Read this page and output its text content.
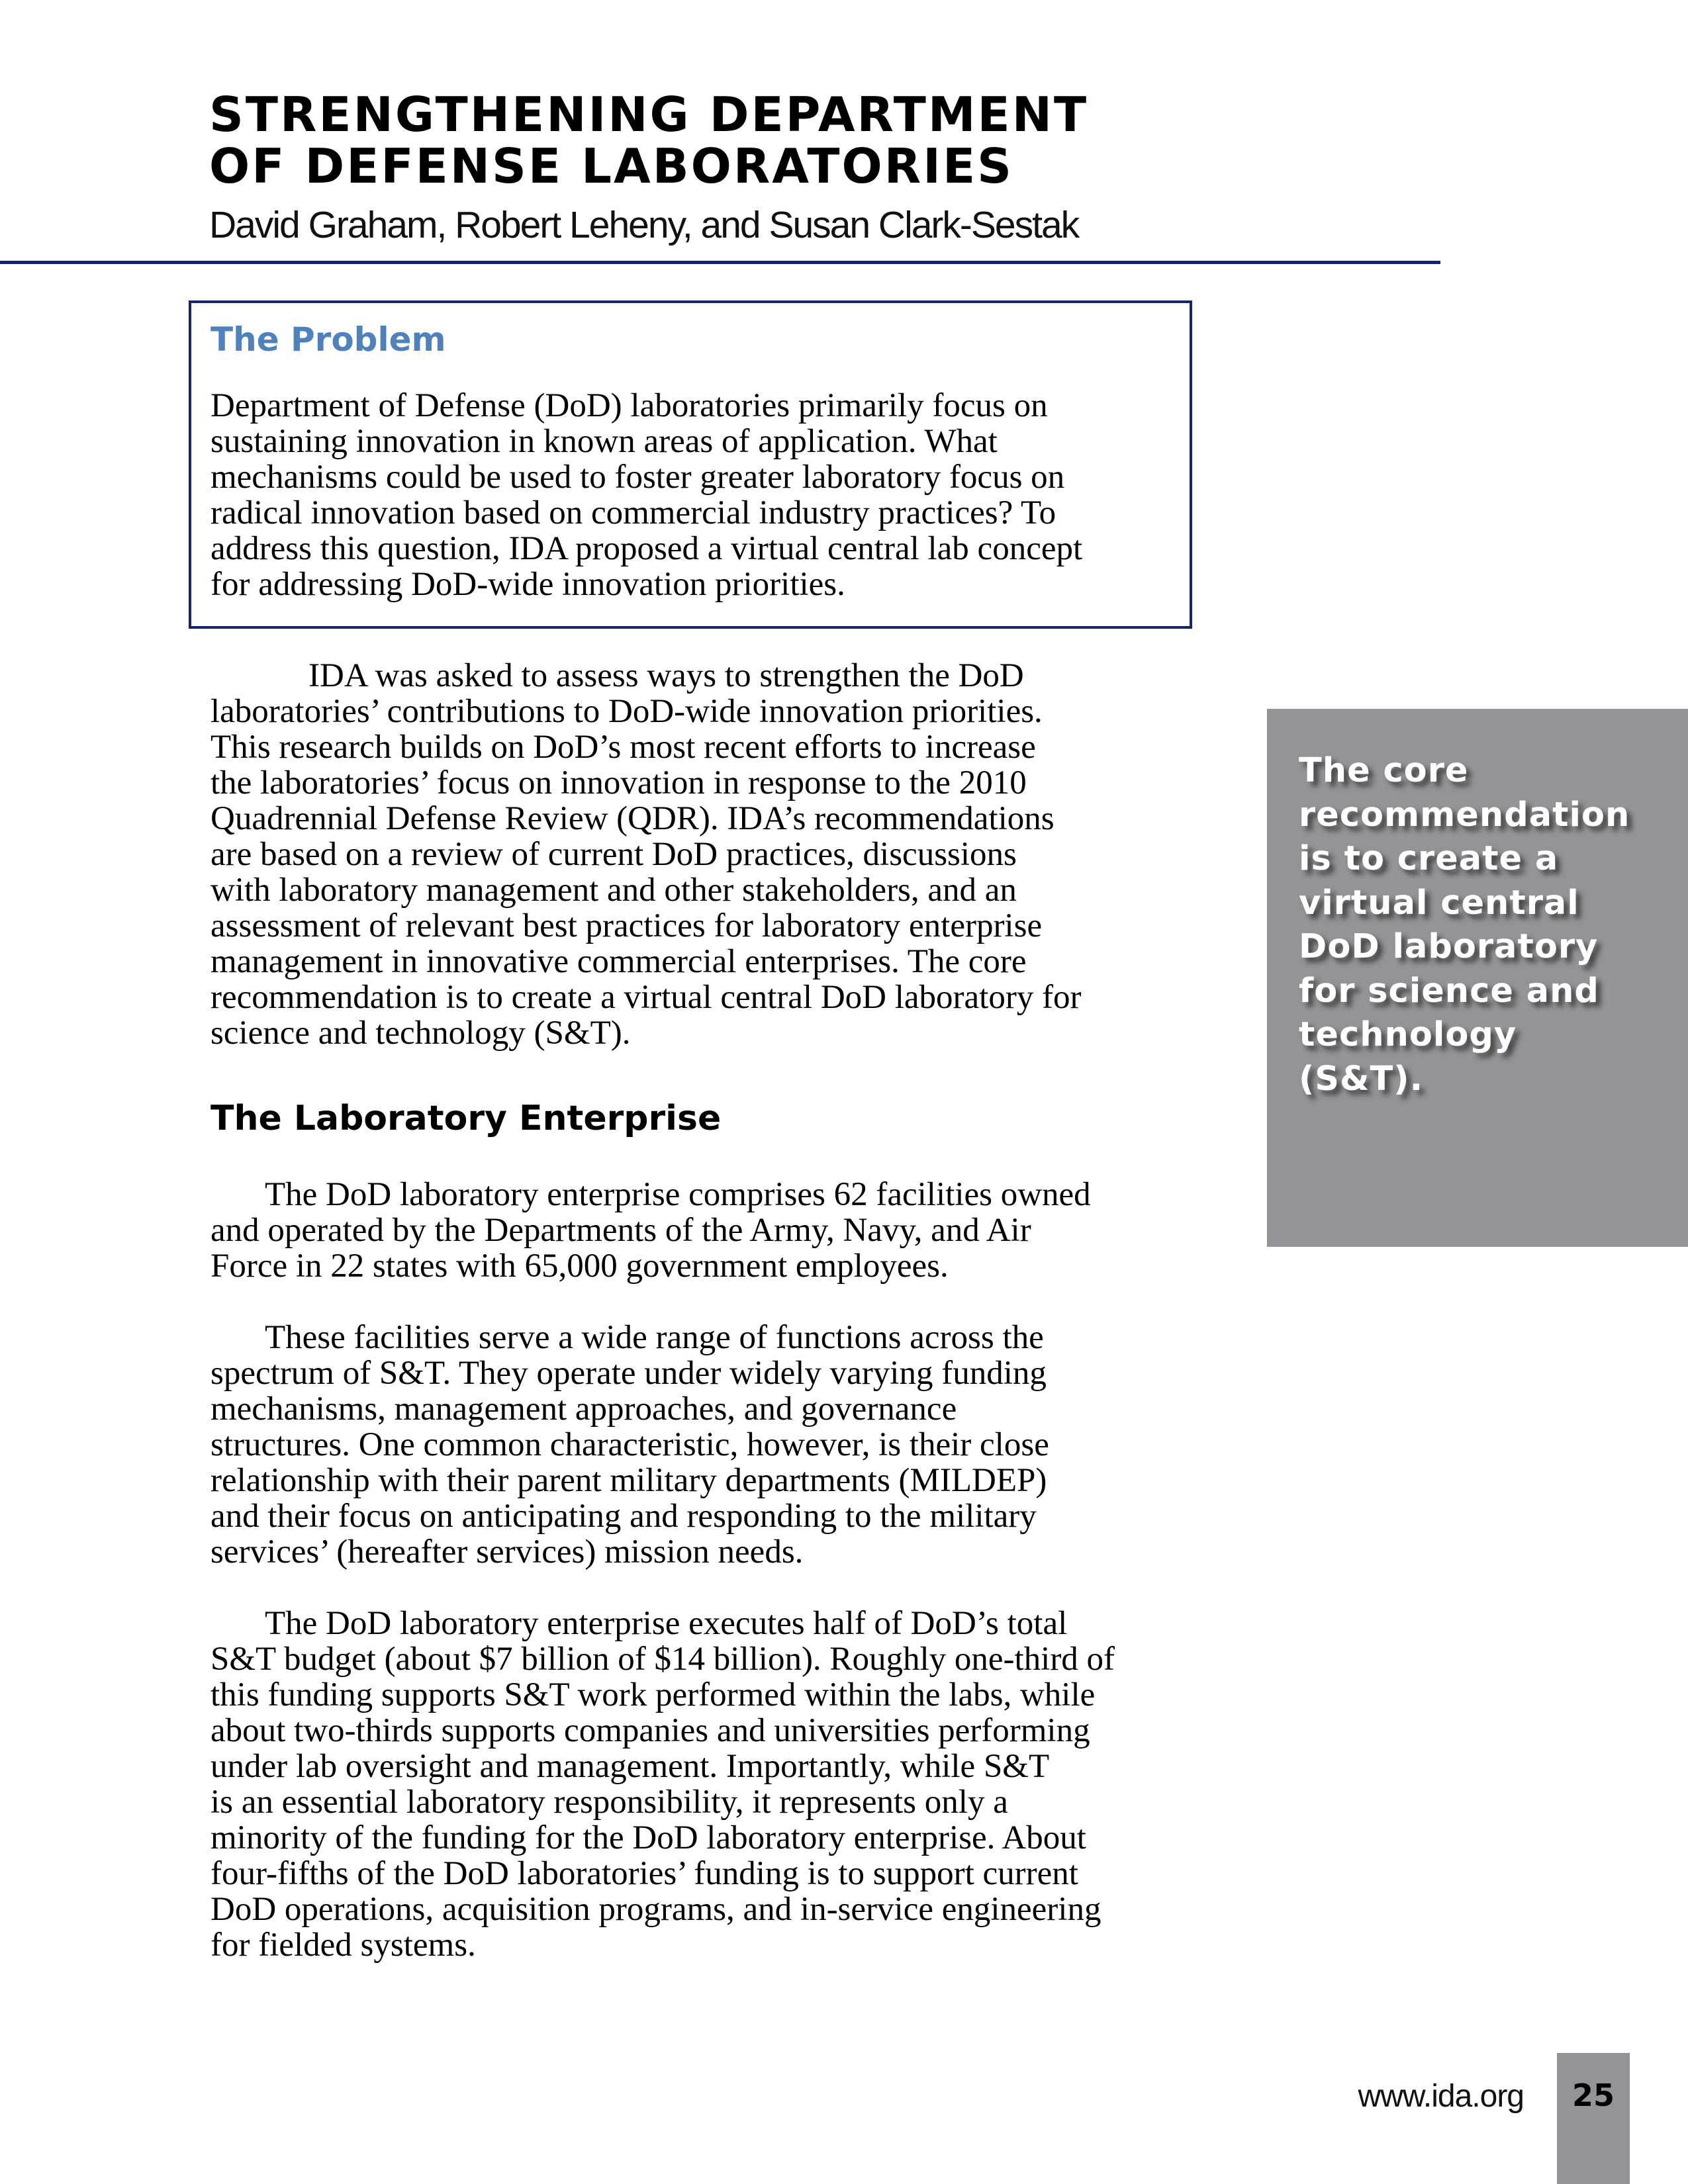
STRENGTHENING DEPARTMENT
OF DEFENSE LABORATORIES
David Graham, Robert Leheny, and Susan Clark-Sestak
The Problem

Department of Defense (DoD) laboratories primarily focus on
sustaining innovation in known areas of application. What
mechanisms could be used to foster greater laboratory focus on
radical innovation based on commercial industry practices? To
address this question, IDA proposed a virtual central lab concept
for addressing DoD-wide innovation priorities.

IDA was asked to assess ways to strengthen the DoD
laboratories’ contributions to DoD-wide innovation priorities.
This research builds on DoD’s most recent efforts to increase
the laboratories’ focus on innovation in response to the 2010
Quadrennial Defense Review (QDR). IDA’s recommendations
are based on a review of current DoD practices, discussions
with laboratory management and other stakeholders, and an
assessment of relevant best practices for laboratory enterprise
management in innovative commercial enterprises. The core
recommendation is to create a virtual central DoD laboratory for
science and technology (S&T).

The Laboratory Enterprise

The DoD laboratory enterprise comprises 62 facilities owned
and operated by the Departments of the Army, Navy, and Air
Force in 22 states with 65,000 government employees.

These facilities serve a wide range of functions across the
spectrum of S&T. They operate under widely varying funding
mechanisms, management approaches, and governance
structures. One common characteristic, however, is their close
relationship with their parent military departments (MILDEP)
and their focus on anticipating and responding to the military
services’ (hereafter services) mission needs.

The DoD laboratory enterprise executes half of DoD’s total
S&T budget (about $7 billion of $14 billion). Roughly one-third of
this funding supports S&T work performed within the labs, while
about two-thirds supports companies and universities performing
under lab oversight and management. Importantly, while S&T
is an essential laboratory responsibility, it represents only a
minority of the funding for the DoD laboratory enterprise. About
four-fifths of the DoD laboratories’ funding is to support current
DoD operations, acquisition programs, and in-service engineering
for fielded systems.

The core
recommendation
is to create a
virtual central
DoD laboratory
for science and
technology
(S&T).

www.ida.org	25
